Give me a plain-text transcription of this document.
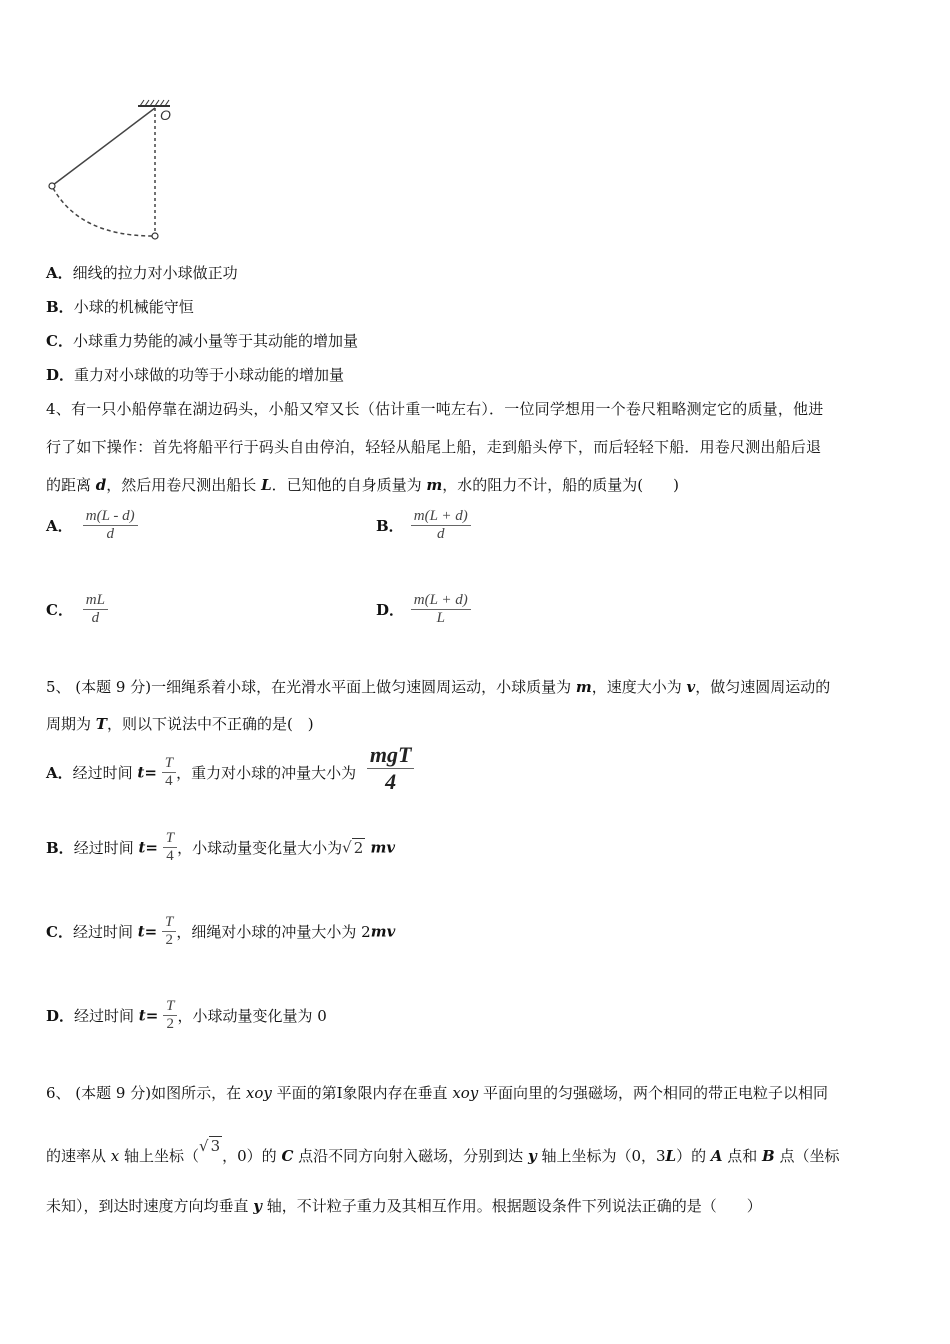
O
A．细线的拉力对小球做正功
B．小球的机械能守恒
C．小球重力势能的减小量等于其动能的增加量
D．重力对小球做的功等于小球动能的增加量
4、有一只小船停靠在湖边码头，小船又窄又长（估计重一吨左右）．一位同学想用一个卷尺粗略测定它的质量，他进
行了如下操作：首先将船平行于码头自由停泊，轻轻从船尾上船，走到船头停下，而后轻轻下船．用卷尺测出船后退
的距离 d，然后用卷尺测出船长 L．已知他的自身质量为 m，水的阻力不计，船的质量为(　　)
A． $\frac{m(L - d)}{d}$	B． $\frac{m(L + d)}{d}$
C． $\frac{mL}{d}$	D． $\frac{m(L + d)}{L}$
5、 (本题 9 分)一细绳系着小球，在光滑水平面上做匀速圆周运动，小球质量为 m，速度大小为 v，做匀速圆周运动的
周期为 T，则以下说法中不正确的是(　)
A．经过时间 $t= \frac{T}{4}$ ，重力对小球的冲量大小为 $\frac{\text{mgT}}{4}$
B．经过时间 $t= \frac{T}{4}$ ，小球动量变化量大小为√ 2 mv
C．经过时间 $t= \frac{T}{2}$ ，细绳对小球的冲量大小为 2mv
D．经过时间 $t= \frac{T}{2}$ ，小球动量变化量为 0
6、 (本题 9 分)如图所示，在 xoy 平面的第Ⅰ象限内存在垂直 xoy 平面向里的匀强磁场，两个相同的带正电粒子以相同
的速率从 x 轴上坐标（√ 3，0）的 C 点沿不同方向射入磁场，分别到达 y 轴上坐标为（0，3L）的 A 点和 B 点（坐标
未知），到达时速度方向均垂直 y 轴，不计粒子重力及其相互作用。根据题设条件下列说法正确的是（　　）
